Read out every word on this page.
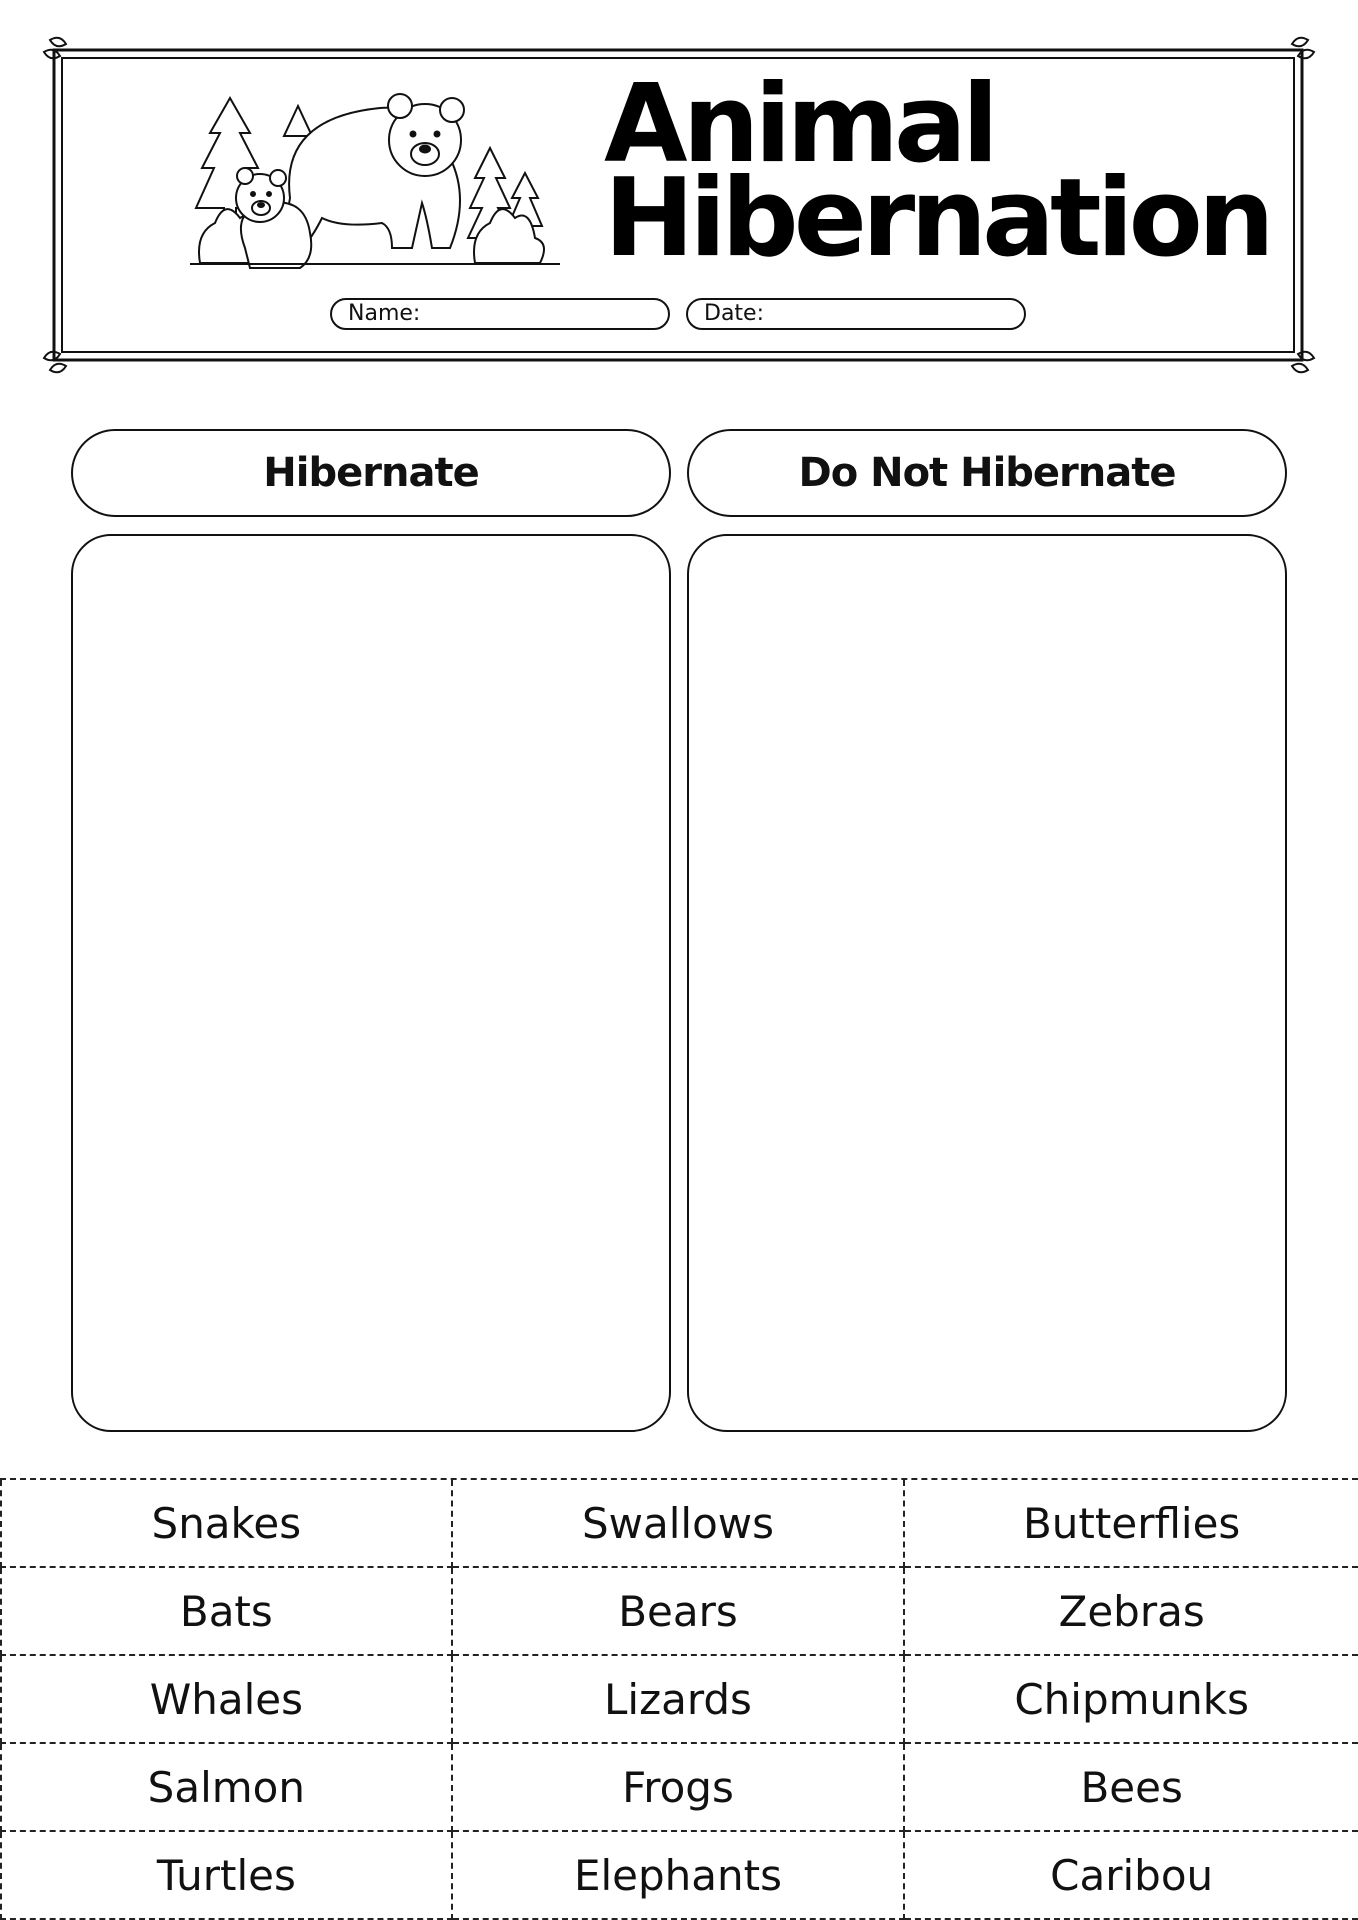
Animal
Hibernation
Name:	Date:
Hibernate	Do Not Hibernate
Snakes	Swallows	Butterflies
Bats	Bears	Zebras
Whales	Lizards	Chipmunks
Salmon	Frogs	Bees
Turtles	Elephants	Caribou
